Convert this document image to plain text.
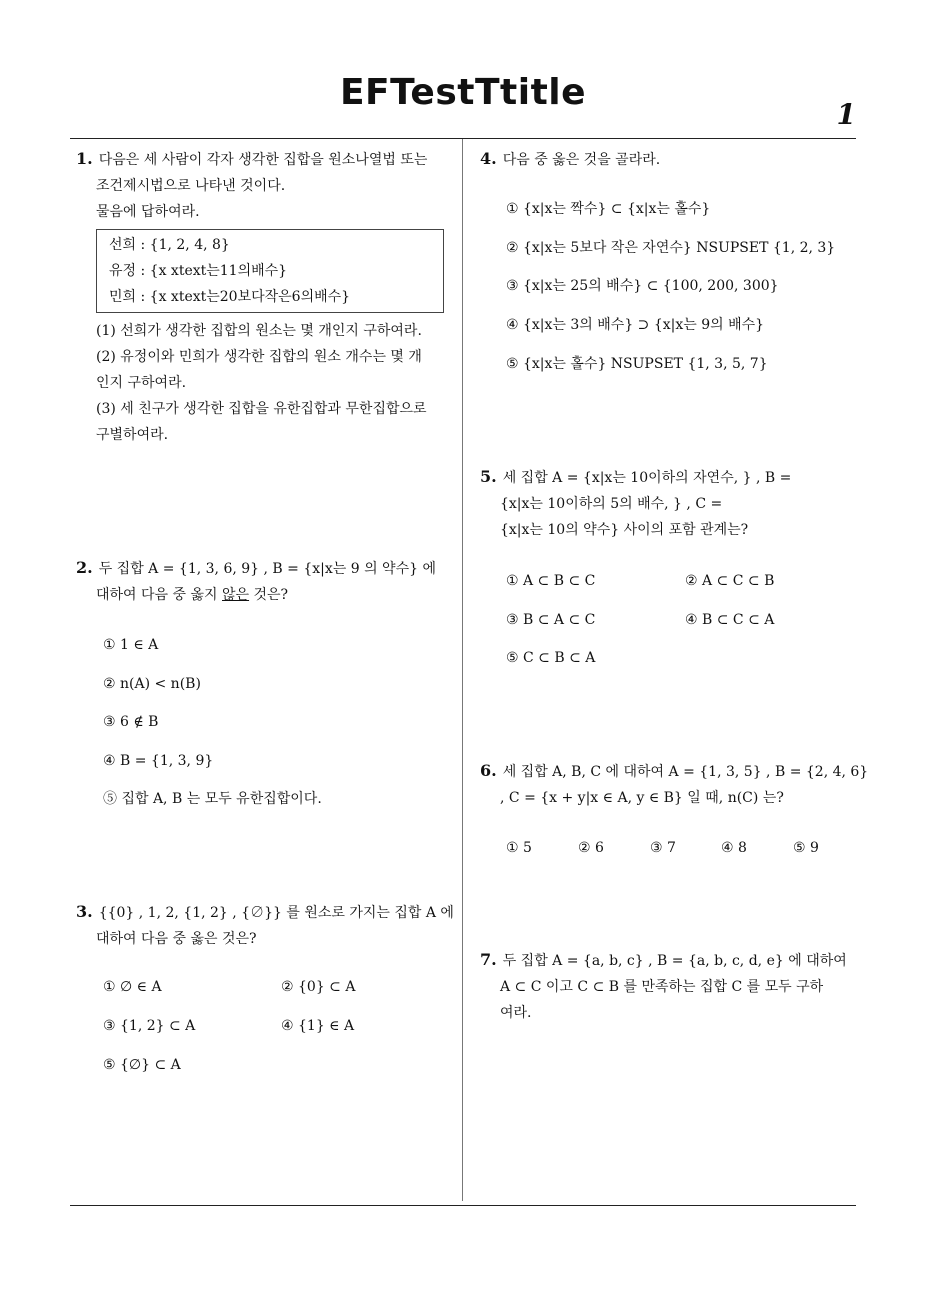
EFTestTtitle
1
1. 다음은 세 사람이 각자 생각한 집합을 원소나열법 또는
조건제시법으로 나타낸 것이다.
물음에 답하여라.
선희 : {1, 2, 4, 8}
유정 : {x xtext는11의배수}
민희 : {x xtext는20보다작은6의배수}
(1) 선희가 생각한 집합의 원소는 몇 개인지 구하여라.
(2) 유정이와 민희가 생각한 집합의 원소 개수는 몇 개
인지 구하여라.
(3) 세 친구가 생각한 집합을 유한집합과 무한집합으로
구별하여라.
2. 두 집합 A = {1, 3, 6, 9} , B = {x|x는 9 의 약수} 에
대하여 다음 중 옳지 않은 것은?
① 1 ∈ A
② n(A) < n(B)
③ 6 ∉ B
④ B = {1, 3, 9}
⑤ 집합 A, B 는 모두 유한집합이다.
3. {{0} , 1, 2, {1, 2} , {∅}} 를 원소로 가지는 집합 A 에
대하여 다음 중 옳은 것은?
① ∅ ∈ A	② {0} ⊂ A
③ {1, 2} ⊂ A	④ {1} ∈ A
⑤ {∅} ⊂ A
4. 다음 중 옳은 것을 골라라.
① {x|x는 짝수} ⊂ {x|x는 홀수}
② {x|x는 5보다 작은 자연수} NSUPSET {1, 2, 3}
③ {x|x는 25의 배수} ⊂ {100, 200, 300}
④ {x|x는 3의 배수} ⊃ {x|x는 9의 배수}
⑤ {x|x는 홀수} NSUPSET {1, 3, 5, 7}
5. 세 집합 A = {x|x는 10이하의 자연수, } , B =
{x|x는 10이하의 5의 배수, } , C =
{x|x는 10의 약수} 사이의 포함 관계는?
① A ⊂ B ⊂ C	② A ⊂ C ⊂ B
③ B ⊂ A ⊂ C	④ B ⊂ C ⊂ A
⑤ C ⊂ B ⊂ A
6. 세 집합 A, B, C 에 대하여 A = {1, 3, 5} , B = {2, 4, 6}
, C = {x + y|x ∈ A, y ∈ B} 일 때, n(C) 는?
① 5	② 6	③ 7	④ 8	⑤ 9
7. 두 집합 A = {a, b, c} , B = {a, b, c, d, e} 에 대하여
A ⊂ C 이고 C ⊂ B 를 만족하는 집합 C 를 모두 구하
여라.
